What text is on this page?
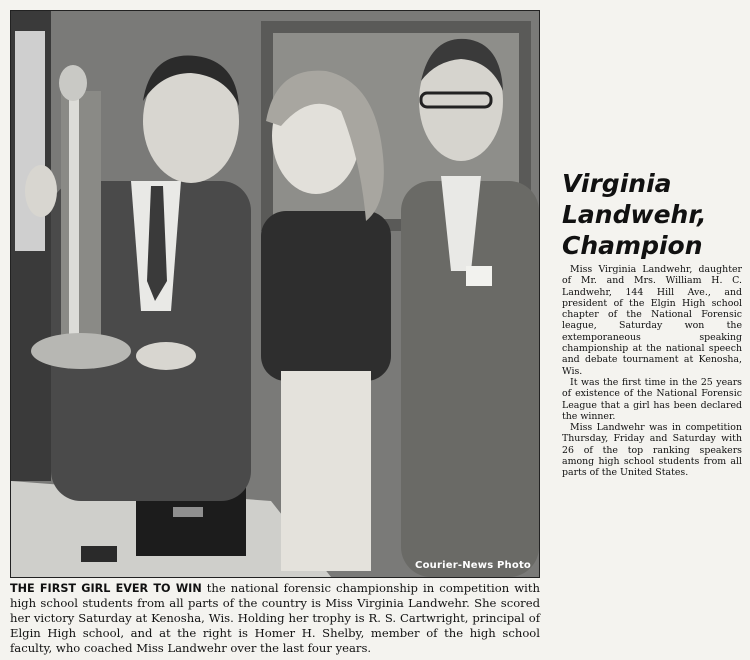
Courier-News Photo
Virginia
Landwehr,
Champion

Miss Virginia Landwehr, daughter of Mr. and Mrs. William H. C. Landwehr, 144 Hill Ave., and president of the Elgin High school chapter of the National Forensic league, Saturday won the extemporaneous speaking championship at the national speech and debate tournament at Kenosha, Wis.

It was the first time in the 25 years of existence of the National Forensic League that a girl has been declared the winner.

Miss Landwehr was in competition Thursday, Friday and Saturday with 26 of the top ranking speakers among high school students from all parts of the United States.

THE FIRST GIRL EVER TO WIN the national forensic championship in competition with high school students from all parts of the country is Miss Virginia Landwehr. She scored her victory Saturday at Kenosha, Wis. Holding her trophy is R. S. Cartwright, principal of Elgin High school, and at the right is Homer H. Shelby, member of the high school faculty, who coached Miss Landwehr over the last four years.
